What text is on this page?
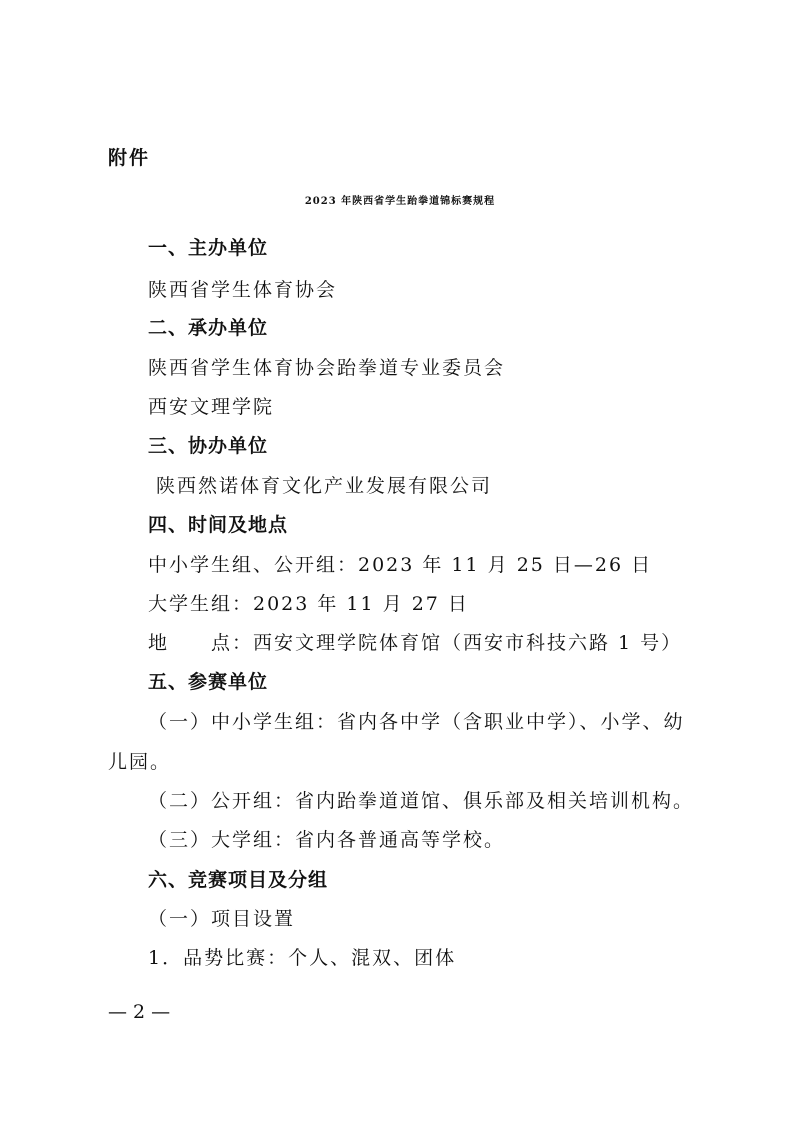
附件
2023 年陕西省学生跆拳道锦标赛规程
一、主办单位
陕西省学生体育协会
二、承办单位
陕西省学生体育协会跆拳道专业委员会
西安文理学院
三、协办单位
陕西然诺体育文化产业发展有限公司
四、时间及地点
中小学生组、公开组：2023 年 11 月 25 日—26 日
大学生组：2023 年 11 月 27 日
地　　点：西安文理学院体育馆（西安市科技六路 1 号）
五、参赛单位
（一）中小学生组：省内各中学（含职业中学）、小学、幼
儿园。
（二）公开组：省内跆拳道道馆、俱乐部及相关培训机构。
（三）大学组：省内各普通高等学校。
六、竞赛项目及分组
（一）项目设置
1．品势比赛：个人、混双、团体
— 2 —
